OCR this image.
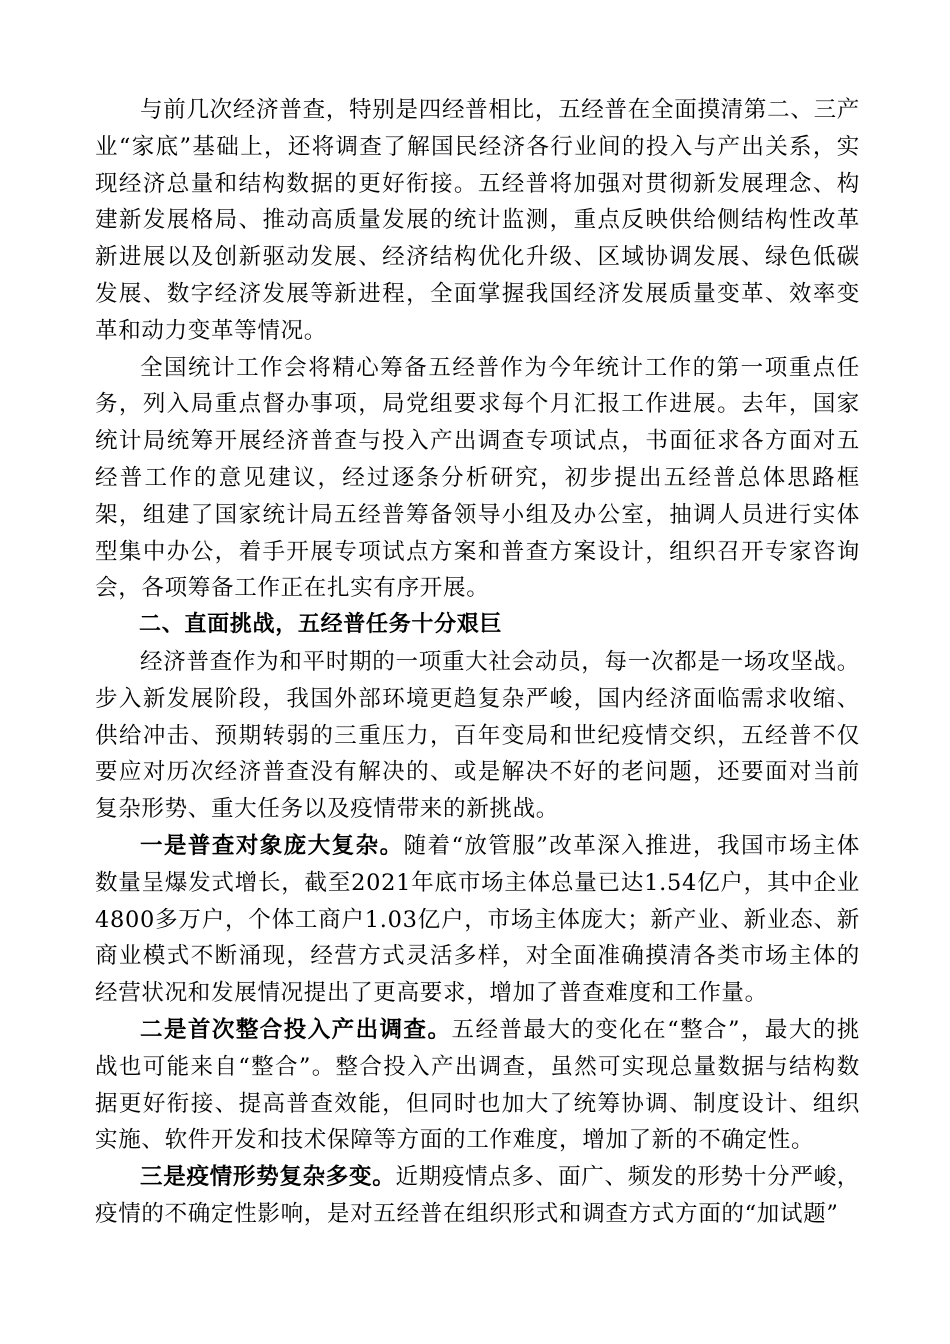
与前几次经济普查，特别是四经普相比，五经普在全面摸清第二、三产业“家底”基础上，还将调查了解国民经济各行业间的投入与产出关系，实现经济总量和结构数据的更好衔接。五经普将加强对贯彻新发展理念、构建新发展格局、推动高质量发展的统计监测，重点反映供给侧结构性改革新进展以及创新驱动发展、经济结构优化升级、区域协调发展、绿色低碳发展、数字经济发展等新进程，全面掌握我国经济发展质量变革、效率变革和动力变革等情况。

全国统计工作会将精心筹备五经普作为今年统计工作的第一项重点任务，列入局重点督办事项，局党组要求每个月汇报工作进展。去年，国家统计局统筹开展经济普查与投入产出调查专项试点，书面征求各方面对五经普工作的意见建议，经过逐条分析研究，初步提出五经普总体思路框架，组建了国家统计局五经普筹备领导小组及办公室，抽调人员进行实体型集中办公，着手开展专项试点方案和普查方案设计，组织召开专家咨询会，各项筹备工作正在扎实有序开展。

二、直面挑战，五经普任务十分艰巨

经济普查作为和平时期的一项重大社会动员，每一次都是一场攻坚战。步入新发展阶段，我国外部环境更趋复杂严峻，国内经济面临需求收缩、供给冲击、预期转弱的三重压力，百年变局和世纪疫情交织，五经普不仅要应对历次经济普查没有解决的、或是解决不好的老问题，还要面对当前复杂形势、重大任务以及疫情带来的新挑战。

一是普查对象庞大复杂。随着“放管服”改革深入推进，我国市场主体数量呈爆发式增长，截至2021年底市场主体总量已达1.54亿户，其中企业4800多万户，个体工商户1.03亿户，市场主体庞大；新产业、新业态、新商业模式不断涌现，经营方式灵活多样，对全面准确摸清各类市场主体的经营状况和发展情况提出了更高要求，增加了普查难度和工作量。

二是首次整合投入产出调查。五经普最大的变化在“整合”，最大的挑战也可能来自“整合”。整合投入产出调查，虽然可实现总量数据与结构数据更好衔接、提高普查效能，但同时也加大了统筹协调、制度设计、组织实施、软件开发和技术保障等方面的工作难度，增加了新的不确定性。

三是疫情形势复杂多变。近期疫情点多、面广、频发的形势十分严峻，疫情的不确定性影响，是对五经普在组织形式和调查方式方面的“加试题”
